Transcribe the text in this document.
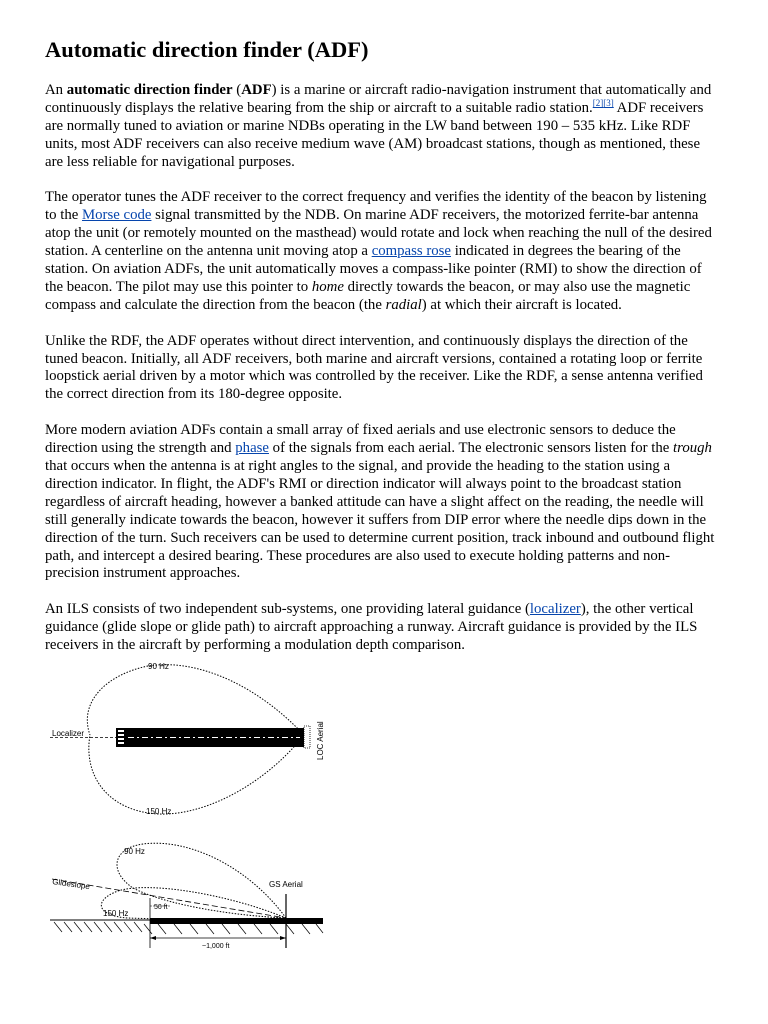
Automatic direction finder (ADF)

An automatic direction finder (ADF) is a marine or aircraft radio-navigation instrument that automatically and continuously displays the relative bearing from the ship or aircraft to a suitable radio station.[2][3] ADF receivers are normally tuned to aviation or marine NDBs operating in the LW band between 190 – 535 kHz. Like RDF units, most ADF receivers can also receive medium wave (AM) broadcast stations, though as mentioned, these are less reliable for navigational purposes.

The operator tunes the ADF receiver to the correct frequency and verifies the identity of the beacon by listening to the Morse code signal transmitted by the NDB. On marine ADF receivers, the motorized ferrite-bar antenna atop the unit (or remotely mounted on the masthead) would rotate and lock when reaching the null of the desired station. A centerline on the antenna unit moving atop a compass rose indicated in degrees the bearing of the station. On aviation ADFs, the unit automatically moves a compass-like pointer (RMI) to show the direction of the beacon. The pilot may use this pointer to home directly towards the beacon, or may also use the magnetic compass and calculate the direction from the beacon (the radial) at which their aircraft is located.

Unlike the RDF, the ADF operates without direct intervention, and continuously displays the direction of the tuned beacon. Initially, all ADF receivers, both marine and aircraft versions, contained a rotating loop or ferrite loopstick aerial driven by a motor which was controlled by the receiver. Like the RDF, a sense antenna verified the correct direction from its 180-degree opposite.

More modern aviation ADFs contain a small array of fixed aerials and use electronic sensors to deduce the direction using the strength and phase of the signals from each aerial. The electronic sensors listen for the trough that occurs when the antenna is at right angles to the signal, and provide the heading to the station using a direction indicator. In flight, the ADF's RMI or direction indicator will always point to the broadcast station regardless of aircraft heading, however a banked attitude can have a slight affect on the reading, the needle will still generally indicate towards the beacon, however it suffers from DIP error where the needle dips down in the direction of the turn. Such receivers can be used to determine current position, track inbound and outbound flight path, and intercept a desired bearing. These procedures are also used to execute holding patterns and non-precision instrument approaches.

An ILS consists of two independent sub-systems, one providing lateral guidance (localizer), the other vertical guidance (glide slope or glide path) to aircraft approaching a runway. Aircraft guidance is provided by the ILS receivers in the aircraft by performing a modulation depth comparison.

90 Hz
150 Hz
Localizer	LOC Aerial
90 Hz
150 Hz
Glideslope	GS Aerial
50 ft
~1,000 ft
